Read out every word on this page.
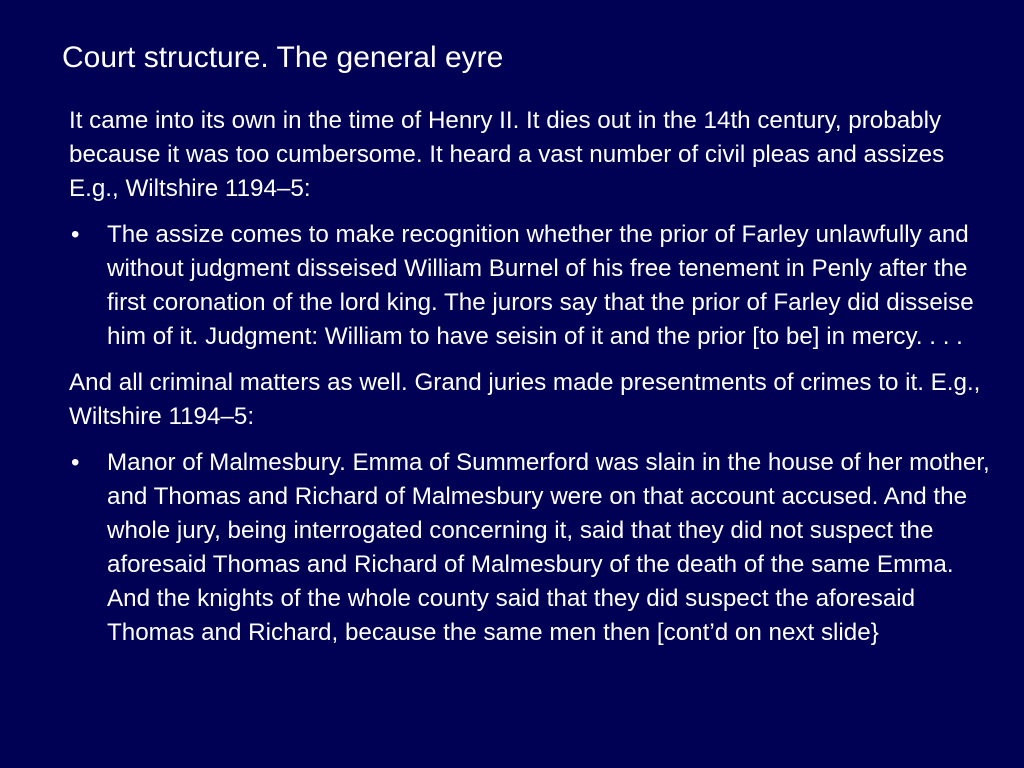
Court structure. The general eyre

It came into its own in the time of Henry II. It dies out in the 14th century, probably because it was too cumbersome. It heard a vast number of civil pleas and assizes E.g., Wiltshire 1194–5:

•	The assize comes to make recognition whether the prior of Farley unlawfully and without judgment disseised William Burnel of his free tenement in Penly after the first coronation of the lord king. The jurors say that the prior of Farley did disseise him of it. Judgment: William to have seisin of it and the prior [to be] in mercy. . . .

And all criminal matters as well. Grand juries made presentments of crimes to it. E.g., Wiltshire 1194–5:

•	Manor of Malmesbury. Emma of Summerford was slain in the house of her mother, and Thomas and Richard of Malmesbury were on that account accused. And the whole jury, being interrogated concerning it, said that they did not suspect the aforesaid Thomas and Richard of Malmesbury of the death of the same Emma. And the knights of the whole county said that they did suspect the aforesaid Thomas and Richard, because the same men then [cont’d on next slide}
